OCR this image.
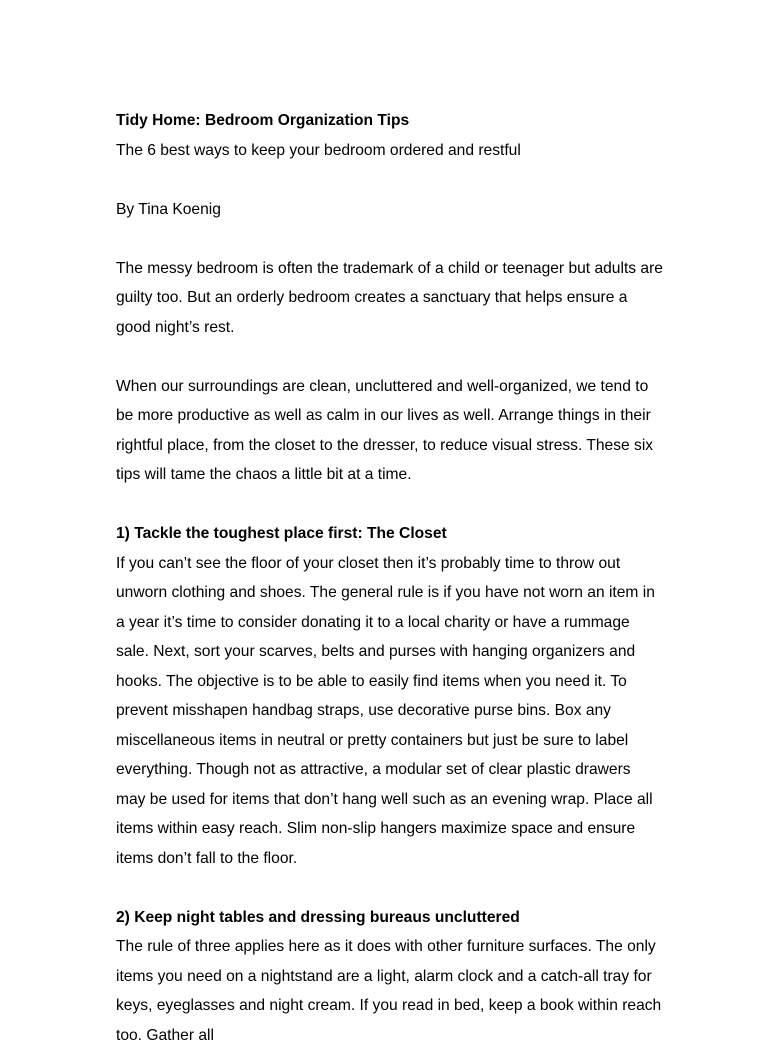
Tidy Home: Bedroom Organization Tips

The 6 best ways to keep your bedroom ordered and restful

By Tina Koenig

The messy bedroom is often the trademark of a child or teenager but adults are guilty too. But an orderly bedroom creates a sanctuary that helps ensure a good night’s rest.

When our surroundings are clean, uncluttered and well-organized, we tend to be more productive as well as calm in our lives as well. Arrange things in their rightful place, from the closet to the dresser, to reduce visual stress. These six tips will tame the chaos a little bit at a time.

1) Tackle the toughest place first: The Closet

If you can’t see the floor of your closet then it’s probably time to throw out unworn clothing and shoes. The general rule is if you have not worn an item in a year it’s time to consider donating it to a local charity or have a rummage sale. Next, sort your scarves, belts and purses with hanging organizers and hooks. The objective is to be able to easily find items when you need it. To prevent misshapen handbag straps, use decorative purse bins. Box any miscellaneous items in neutral or pretty containers but just be sure to label everything. Though not as attractive, a modular set of clear plastic drawers may be used for items that don’t hang well such as an evening wrap. Place all items within easy reach. Slim non-slip hangers maximize space and ensure items don’t fall to the floor.

2) Keep night tables and dressing bureaus uncluttered

The rule of three applies here as it does with other furniture surfaces. The only items you need on a nightstand are a light, alarm clock and a catch-all tray for keys, eyeglasses and night cream. If you read in bed, keep a book within reach too. Gather all
